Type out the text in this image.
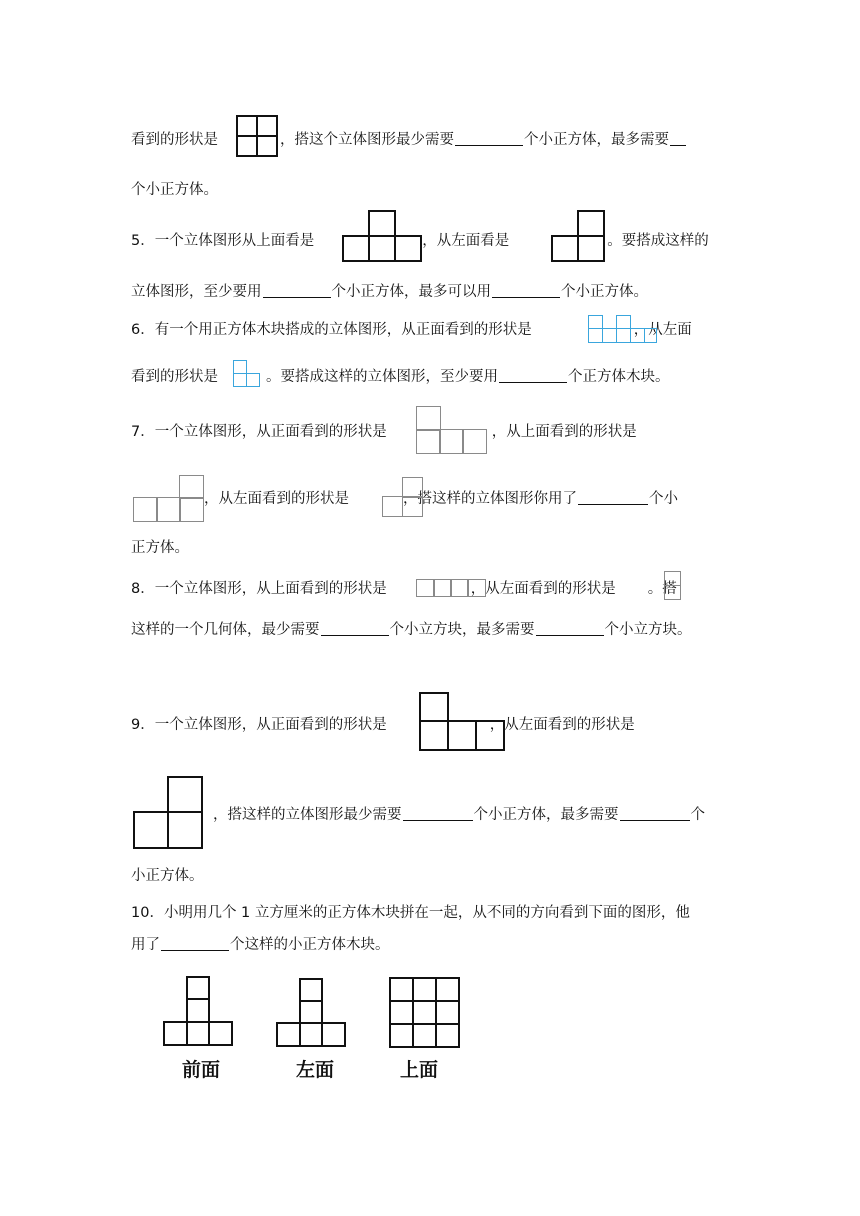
看到的形状是	，搭这个立体图形最少需要	个小正方体，最多需要
个小正方体。
5．一个立体图形从上面看是	，从左面看是	。要搭成这样的
立体图形，至少要用	个小正方体，最多可以用	个小正方体。
6．有一个用正方体木块搭成的立体图形，从正面看到的形状是	，从左面
看到的形状是	。要搭成这样的立体图形，至少要用	个正方体木块。
7．一个立体图形，从正面看到的形状是	，从上面看到的形状是
，从左面看到的形状是	，搭这样的立体图形你用了	个小
正方体。
8．一个立体图形，从上面看到的形状是	，从左面看到的形状是 。搭
这样的一个几何体，最少需要	个小立方块，最多需要	个小立方块。
9．一个立体图形，从正面看到的形状是	，从左面看到的形状是
，搭这样的立体图形最少需要	个小正方体，最多需要	个
小正方体。
10．小明用几个 1 立方厘米的正方体木块拼在一起，从不同的方向看到下面的图形，他
用了	个这样的小正方体木块。
前面	左面	上面
